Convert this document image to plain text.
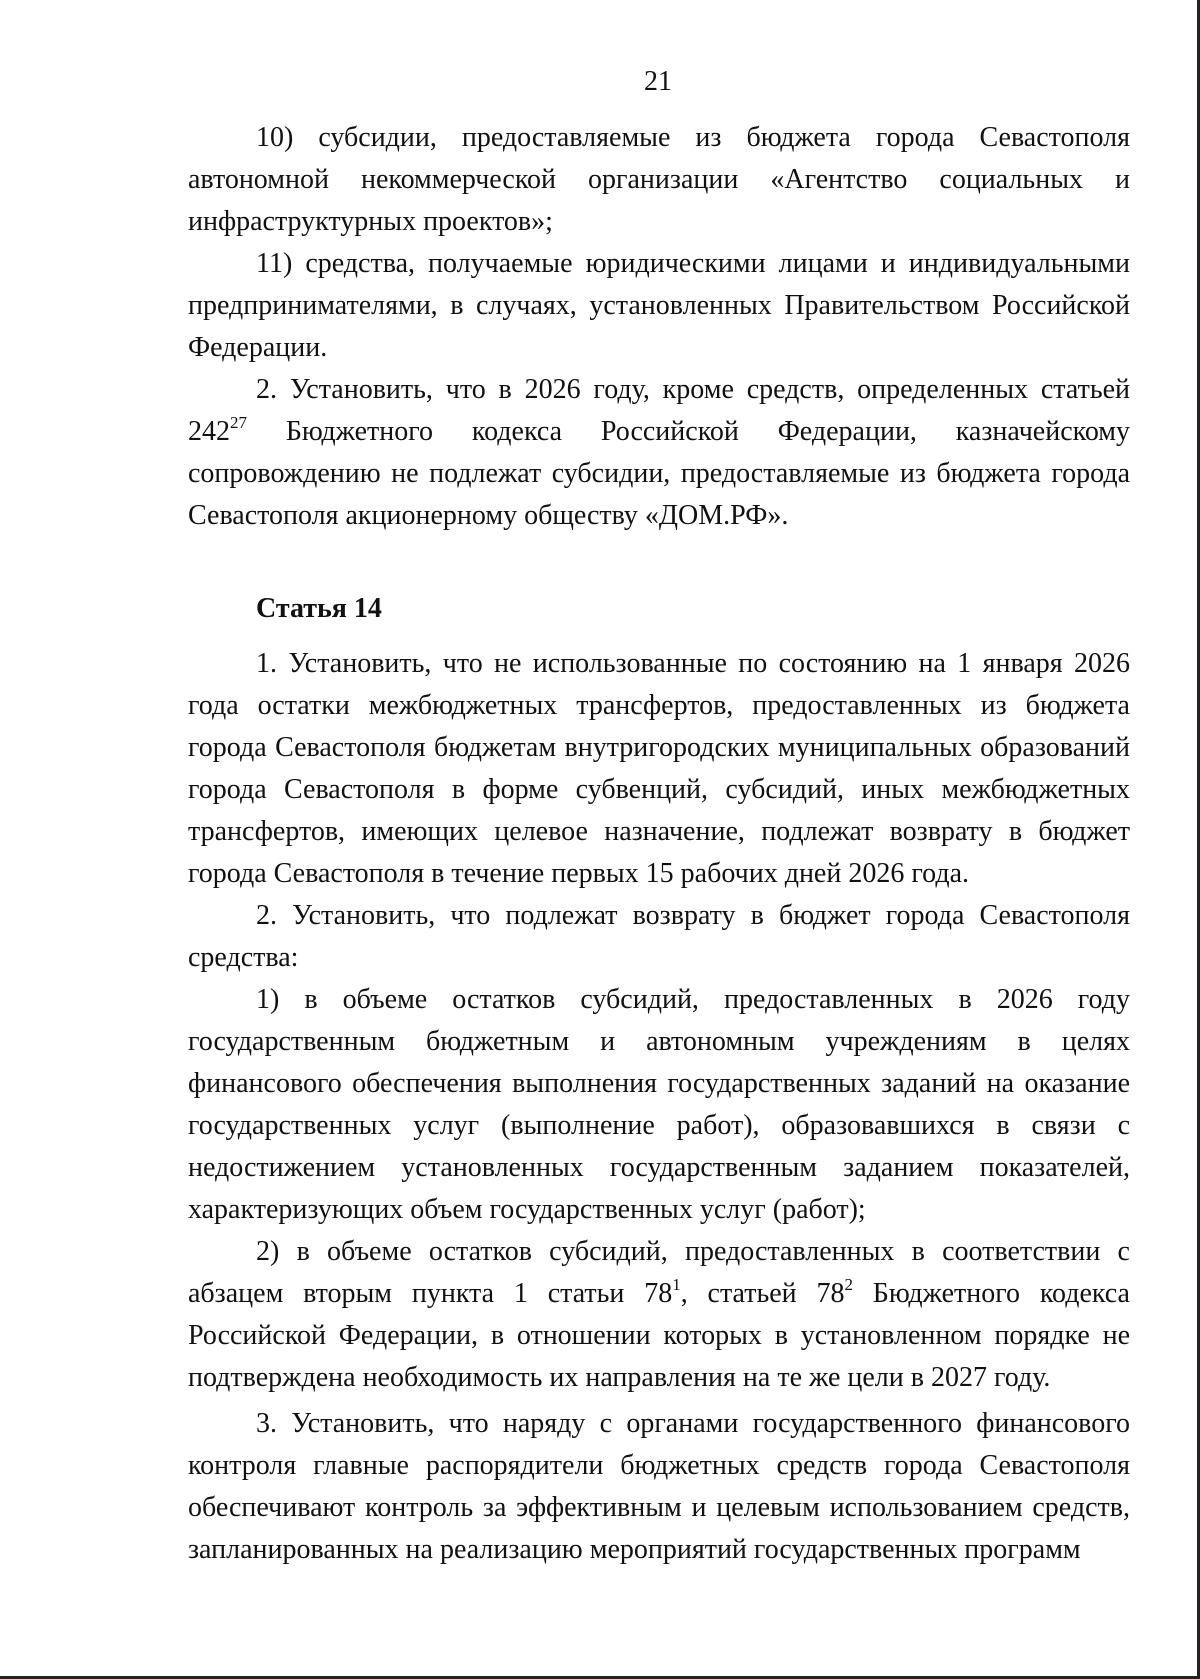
21

10) субсидии, предоставляемые из бюджета города Севастополя автономной некоммерческой организации «Агентство социальных и инфраструктурных проектов»;

11) средства, получаемые юридическими лицами и индивидуальными предпринимателями, в случаях, установленных Правительством Российской Федерации.

2. Установить, что в 2026 году, кроме средств, определенных статьей $242^{27}$ Бюджетного кодекса Российской Федерации, казначейскому сопровождению не подлежат субсидии, предоставляемые из бюджета города Севастополя акционерному обществу «ДОМ.РФ».

Статья 14

1. Установить, что не использованные по состоянию на 1 января 2026 года остатки межбюджетных трансфертов, предоставленных из бюджета города Севастополя бюджетам внутригородских муниципальных образований города Севастополя в форме субвенций, субсидий, иных межбюджетных трансфертов, имеющих целевое назначение, подлежат возврату в бюджет города Севастополя в течение первых 15 рабочих дней 2026 года.

2. Установить, что подлежат возврату в бюджет города Севастополя средства:

1) в объеме остатков субсидий, предоставленных в 2026 году государственным бюджетным и автономным учреждениям в целях финансового обеспечения выполнения государственных заданий на оказание государственных услуг (выполнение работ), образовавшихся в связи с недостижением установленных государственным заданием показателей, характеризующих объем государственных услуг (работ);

2) в объеме остатков субсидий, предоставленных в соответствии с абзацем вторым пункта 1 статьи $78^1$, статьей $78^2$ Бюджетного кодекса Российской Федерации, в отношении которых в установленном порядке не подтверждена необходимость их направления на те же цели в 2027 году.

3. Установить, что наряду с органами государственного финансового контроля главные распорядители бюджетных средств города Севастополя обеспечивают контроль за эффективным и целевым использованием средств, запланированных на реализацию мероприятий государственных программ
